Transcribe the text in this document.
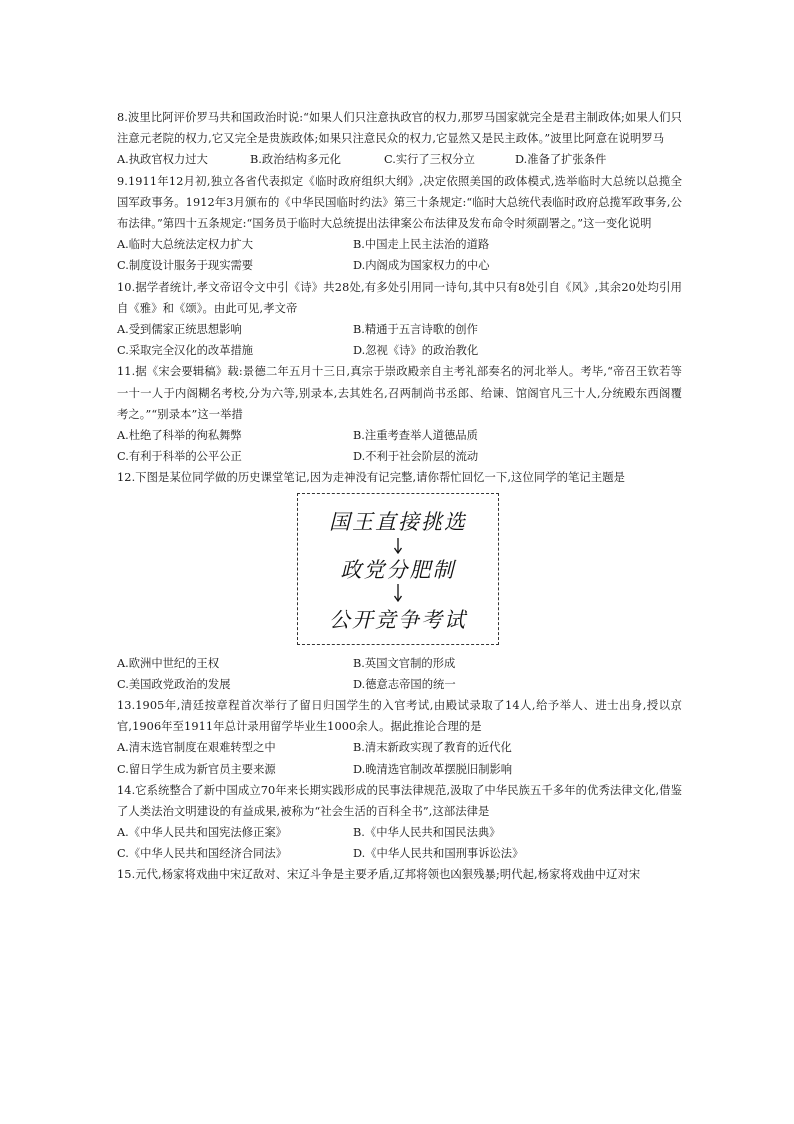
8.波里比阿评价罗马共和国政治时说:“如果人们只注意执政官的权力,那罗马国家就完全是君主制政体;如果人们只注意元老院的权力,它又完全是贵族政体;如果只注意民众的权力,它显然又是民主政体。”波里比阿意在说明罗马

A.执政官权力过大	B.政治结构多元化	C.实行了三权分立	D.准备了扩张条件

9.1911年12月初,独立各省代表拟定《临时政府组织大纲》,决定依照美国的政体模式,选举临时大总统以总揽全国军政事务。1912年3月颁布的《中华民国临时约法》第三十条规定:“临时大总统代表临时政府总揽军政事务,公布法律。”第四十五条规定:“国务员于临时大总统提出法律案公布法律及发布命令时须副署之。”这一变化说明

A.临时大总统法定权力扩大	B.中国走上民主法治的道路
C.制度设计服务于现实需要	D.内阁成为国家权力的中心

10.据学者统计,孝文帝诏令文中引《诗》共28处,有多处引用同一诗句,其中只有8处引自《风》,其余20处均引用自《雅》和《颂》。由此可见,孝文帝

A.受到儒家正统思想影响	B.精通于五言诗歌的创作
C.采取完全汉化的改革措施	D.忽视《诗》的政治教化

11.据《宋会要辑稿》载:景德二年五月十三日,真宗于崇政殿亲自主考礼部奏名的河北举人。考毕,“帝召王钦若等一十一人于内阁糊名考校,分为六等,别录本,去其姓名,召两制尚书丞郎、给谏、馆阁官凡三十人,分统殿东西阁覆考之。”“别录本”这一举措

A.杜绝了科举的徇私舞弊	B.注重考查举人道德品质
C.有利于科举的公平公正	D.不利于社会阶层的流动

12.下图是某位同学做的历史课堂笔记,因为走神没有记完整,请你帮忙回忆一下,这位同学的笔记主题是

国王直接挑选
政党分肥制
公开竞争考试
A.欧洲中世纪的王权	B.英国文官制的形成
C.美国政党政治的发展	D.德意志帝国的统一

13.1905年,清廷按章程首次举行了留日归国学生的入官考试,由殿试录取了14人,给予举人、进士出身,授以京官,1906年至1911年总计录用留学毕业生1000余人。据此推论合理的是

A.清末选官制度在艰难转型之中	B.清末新政实现了教育的近代化
C.留日学生成为新官员主要来源	D.晚清选官制改革摆脱旧制影响

14.它系统整合了新中国成立70年来长期实践形成的民事法律规范,汲取了中华民族五千多年的优秀法律文化,借鉴了人类法治文明建设的有益成果,被称为“社会生活的百科全书”,这部法律是

A.《中华人民共和国宪法修正案》	B.《中华人民共和国民法典》
C.《中华人民共和国经济合同法》	D.《中华人民共和国刑事诉讼法》

15.元代,杨家将戏曲中宋辽敌对、宋辽斗争是主要矛盾,辽邦将领也凶狠残暴;明代起,杨家将戏曲中辽对宋
